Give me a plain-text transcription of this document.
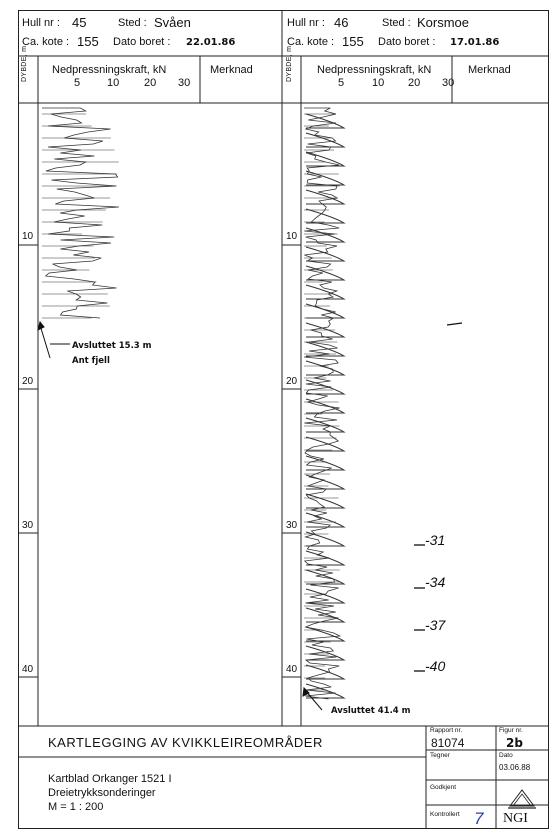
Hull nr : 45	Sted : Svåen
Ca. kote : 155 Dato boret : 22.01.86
Hull nr : 46	Sted : Korsmoe
Ca. kote : 155 Dato boret : 17.01.86
DYBDE, m Nedpressningskraft, kN	Merknad
5 10 20 30
DYBDE, m Nedpressningskraft, kN	Merknad
5	10 20 30
10
20
30
40
10
20
30
40
Avsluttet 15.3 m
Ant fjell
Avsluttet 41.4 m
-31
-34
-37
-40
KARTLEGGING AV KVIKKLEIREOMRÅDER
Rapport nr.
81074
Figur nr.
2b
Tegner	Dato
03.06.88
Godkjent
Kontrollert 7
Kartblad Orkanger 1521 I
Dreietrykksonderinger
M = 1 : 200
NGI
